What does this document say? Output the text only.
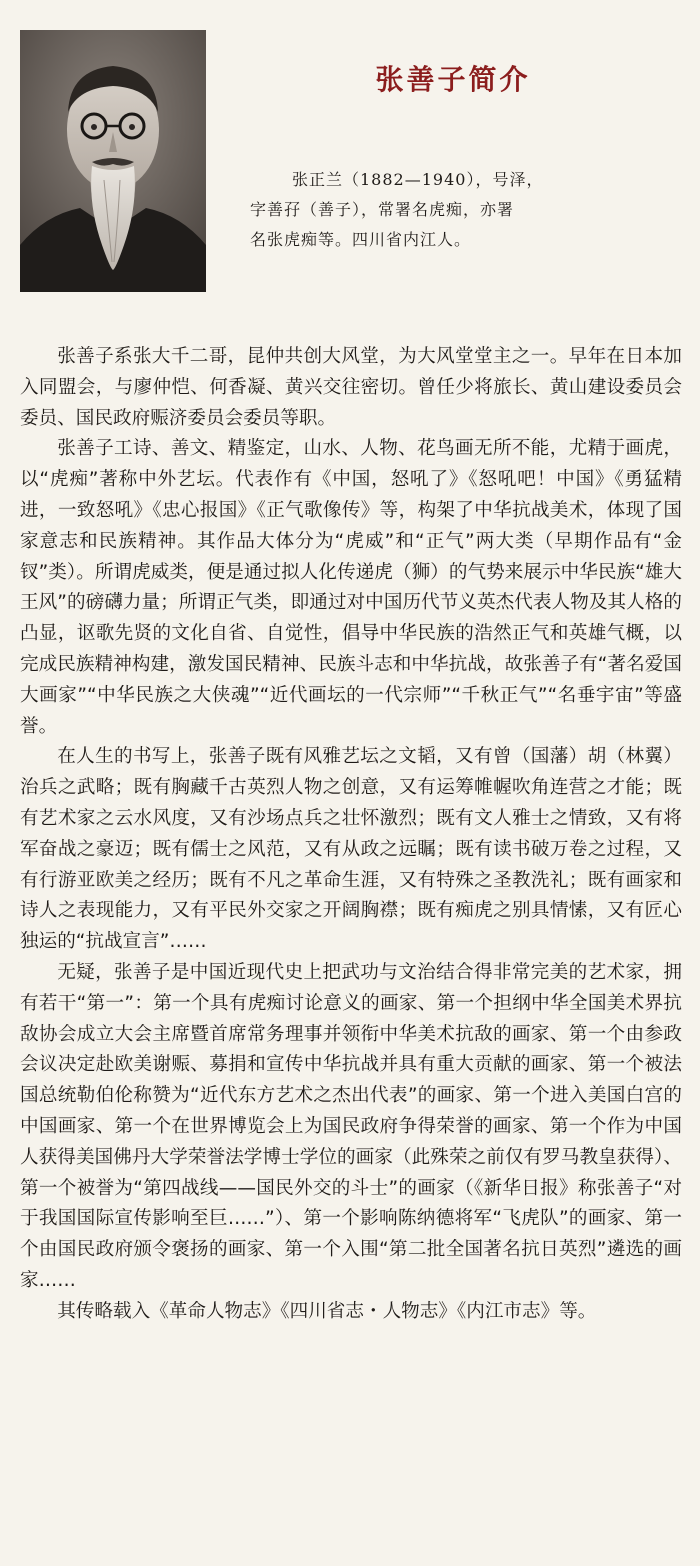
张善子简介
张正兰（1882—1940），号泽，
字善孖（善子），常署名虎痴，亦署
名张虎痴等。四川省内江人。

张善子系张大千二哥，昆仲共创大风堂，为大风堂堂主之一。早年在日本加入同盟会，与廖仲恺、何香凝、黄兴交往密切。曾任少将旅长、黄山建设委员会委员、国民政府赈济委员会委员等职。

张善子工诗、善文、精鉴定，山水、人物、花鸟画无所不能，尤精于画虎，以“虎痴”著称中外艺坛。代表作有《中国，怒吼了》《怒吼吧！中国》《勇猛精进，一致怒吼》《忠心报国》《正气歌像传》等，构架了中华抗战美术，体现了国家意志和民族精神。其作品大体分为“虎威”和“正气”两大类（早期作品有“金钗”类）。所谓虎威类，便是通过拟人化传递虎（狮）的气势来展示中华民族“雄大王风”的磅礴力量；所谓正气类，即通过对中国历代节义英杰代表人物及其人格的凸显，讴歌先贤的文化自省、自觉性，倡导中华民族的浩然正气和英雄气概，以完成民族精神构建，激发国民精神、民族斗志和中华抗战，故张善子有“著名爱国大画家”“中华民族之大侠魂”“近代画坛的一代宗师”“千秋正气”“名垂宇宙”等盛誉。

在人生的书写上，张善子既有风雅艺坛之文韬，又有曾（国藩）胡（林翼）治兵之武略；既有胸藏千古英烈人物之创意，又有运筹帷幄吹角连营之才能；既有艺术家之云水风度，又有沙场点兵之壮怀激烈；既有文人雅士之情致，又有将军奋战之豪迈；既有儒士之风范，又有从政之远瞩；既有读书破万卷之过程，又有行游亚欧美之经历；既有不凡之革命生涯，又有特殊之圣教洗礼；既有画家和诗人之表现能力，又有平民外交家之开阔胸襟；既有痴虎之别具情愫，又有匠心独运的“抗战宣言”……

无疑，张善子是中国近现代史上把武功与文治结合得非常完美的艺术家，拥有若干“第一”：第一个具有虎痴讨论意义的画家、第一个担纲中华全国美术界抗敌协会成立大会主席暨首席常务理事并领衔中华美术抗敌的画家、第一个由参政会议决定赴欧美谢赈、募捐和宣传中华抗战并具有重大贡献的画家、第一个被法国总统勒伯伦称赞为“近代东方艺术之杰出代表”的画家、第一个进入美国白宫的中国画家、第一个在世界博览会上为国民政府争得荣誉的画家、第一个作为中国人获得美国佛丹大学荣誉法学博士学位的画家（此殊荣之前仅有罗马教皇获得）、第一个被誉为“第四战线——国民外交的斗士”的画家（《新华日报》称张善子“对于我国国际宣传影响至巨……”）、第一个影响陈纳德将军“飞虎队”的画家、第一个由国民政府颁令褒扬的画家、第一个入围“第二批全国著名抗日英烈”遴选的画家……

其传略载入《革命人物志》《四川省志・人物志》《内江市志》等。
